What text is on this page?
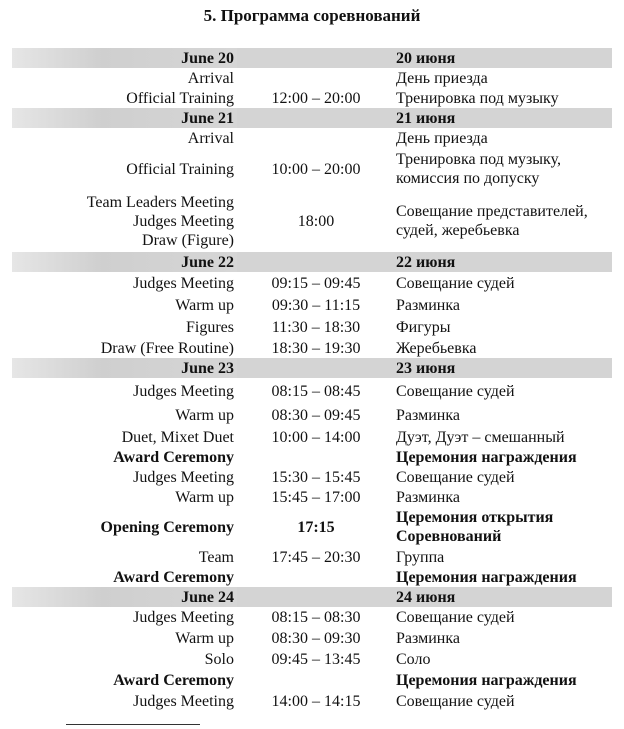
5. Программа соревнований
June 20		20 июня

Arrival		День приезда

Official Training	12:00 – 20:00	Тренировка под музыку

June 21		21 июня

Arrival		День приезда

Official Training	10:00 – 20:00	Тренировка под музыку,
комиссия по допуску

Team Leaders Meeting
Judges Meeting
Draw (Figure)	18:00	Совещание представителей,
судей, жеребьевка

June 22		22 июня

Judges Meeting	09:15 – 09:45	Совещание судей

Warm up	09:30 – 11:15	Разминка

Figures	11:30 – 18:30	Фигуры

Draw (Free Routine)	18:30 – 19:30	Жеребьевка

June 23		23 июня

Judges Meeting	08:15 – 08:45	Совещание судей

Warm up	08:30 – 09:45	Разминка

Duet, Mixet Duet	10:00 – 14:00	Дуэт, Дуэт – смешанный

Award Ceremony		Церемония награждения

Judges Meeting	15:30 – 15:45	Совещание судей

Warm up	15:45 – 17:00	Разминка

Opening Ceremony	17:15	Церемония открытия
Соревнований

Team	17:45 – 20:30	Группа

Award Ceremony		Церемония награждения

June 24		24 июня

Judges Meeting	08:15 – 08:30	Совещание судей

Warm up	08:30 – 09:30	Разминка

Solo	09:45 – 13:45	Соло

Award Ceremony		Церемония награждения

Judges Meeting	14:00 – 14:15	Совещание судей
